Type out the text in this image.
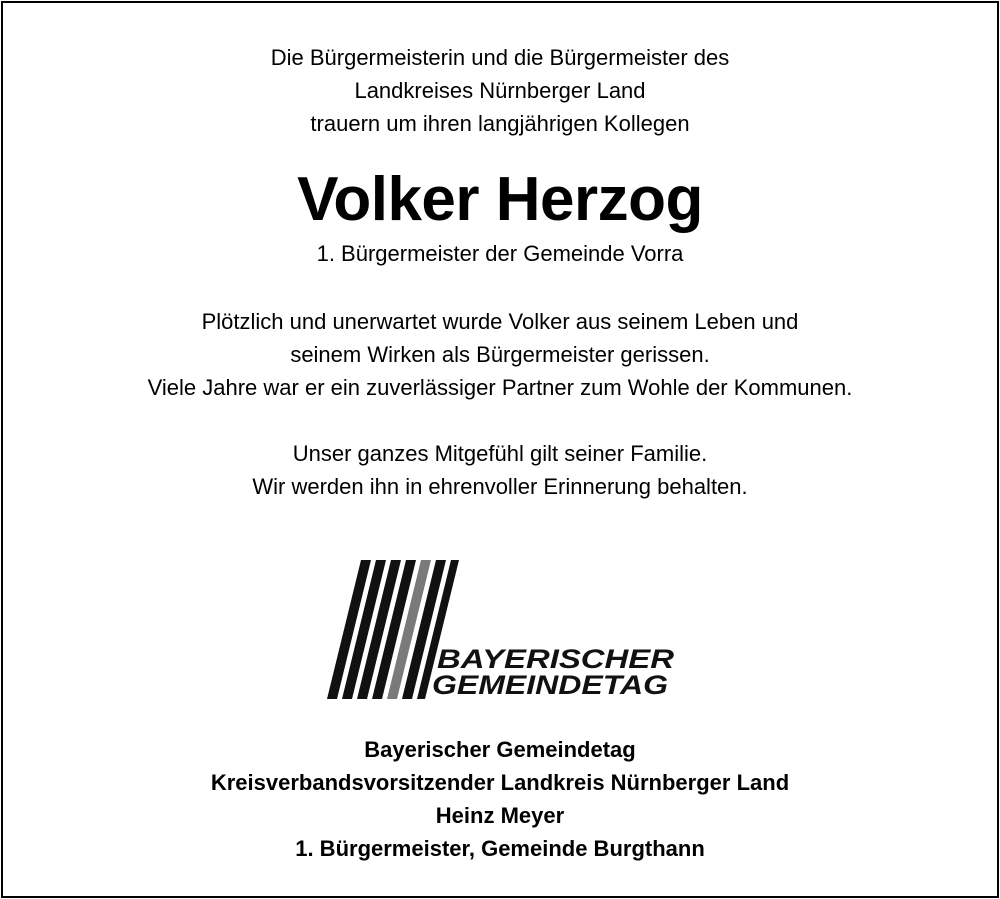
Die Bürgermeisterin und die Bürgermeister des
Landkreises Nürnberger Land
trauern um ihren langjährigen Kollegen
Volker Herzog
1. Bürgermeister der Gemeinde Vorra
Plötzlich und unerwartet wurde Volker aus seinem Leben und
seinem Wirken als Bürgermeister gerissen.
Viele Jahre war er ein zuverlässiger Partner zum Wohle der Kommunen.
Unser ganzes Mitgefühl gilt seiner Familie.
Wir werden ihn in ehrenvoller Erinnerung behalten.
BAYERISCHER
GEMEINDETAG
Bayerischer Gemeindetag
Kreisverbandsvorsitzender Landkreis Nürnberger Land
Heinz Meyer
1. Bürgermeister, Gemeinde Burgthann
